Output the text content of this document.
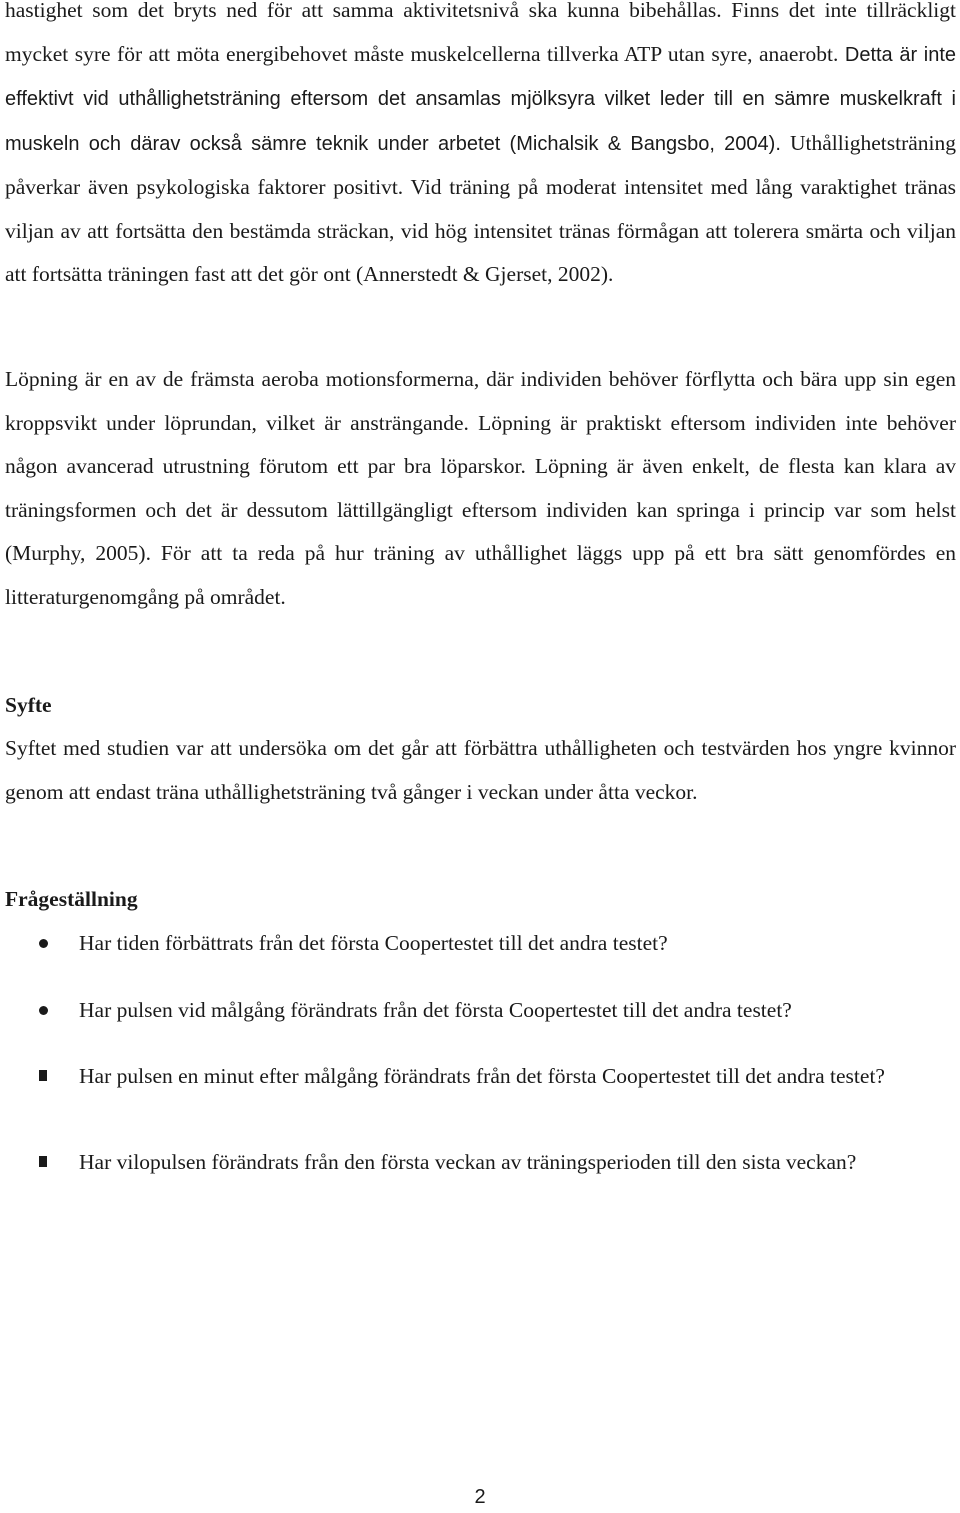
hastighet som det bryts ned för att samma aktivitetsnivå ska kunna bibehållas. Finns det inte tillräckligt mycket syre för att möta energibehovet måste muskelcellerna tillverka ATP utan syre, anaerobt. Detta är inte effektivt vid uthållighetsträning eftersom det ansamlas mjölksyra vilket leder till en sämre muskelkraft i muskeln och därav också sämre teknik under arbetet (Michalsik & Bangsbo, 2004). Uthållighetsträning påverkar även psykologiska faktorer positivt. Vid träning på moderat intensitet med lång varaktighet tränas viljan av att fortsätta den bestämda sträckan, vid hög intensitet tränas förmågan att tolerera smärta och viljan att fortsätta träningen fast att det gör ont (Annerstedt & Gjerset, 2002).

Löpning är en av de främsta aeroba motionsformerna, där individen behöver förflytta och bära upp sin egen kroppsvikt under löprundan, vilket är ansträngande. Löpning är praktiskt eftersom individen inte behöver någon avancerad utrustning förutom ett par bra löparskor. Löpning är även enkelt, de flesta kan klara av träningsformen och det är dessutom lättillgängligt eftersom individen kan springa i princip var som helst (Murphy, 2005). För att ta reda på hur träning av uthållighet läggs upp på ett bra sätt genomfördes en litteraturgenomgång på området.

Syfte

Syftet med studien var att undersöka om det går att förbättra uthålligheten och testvärden hos yngre kvinnor genom att endast träna uthållighetsträning två gånger i veckan under åtta veckor.

Frågeställning

Har tiden förbättrats från det första Coopertestet till det andra testet?

Har pulsen vid målgång förändrats från det första Coopertestet till det andra testet?

Har pulsen en minut efter målgång förändrats från det första Coopertestet till det andra testet?

Har vilopulsen förändrats från den första veckan av träningsperioden till den sista veckan?

2
